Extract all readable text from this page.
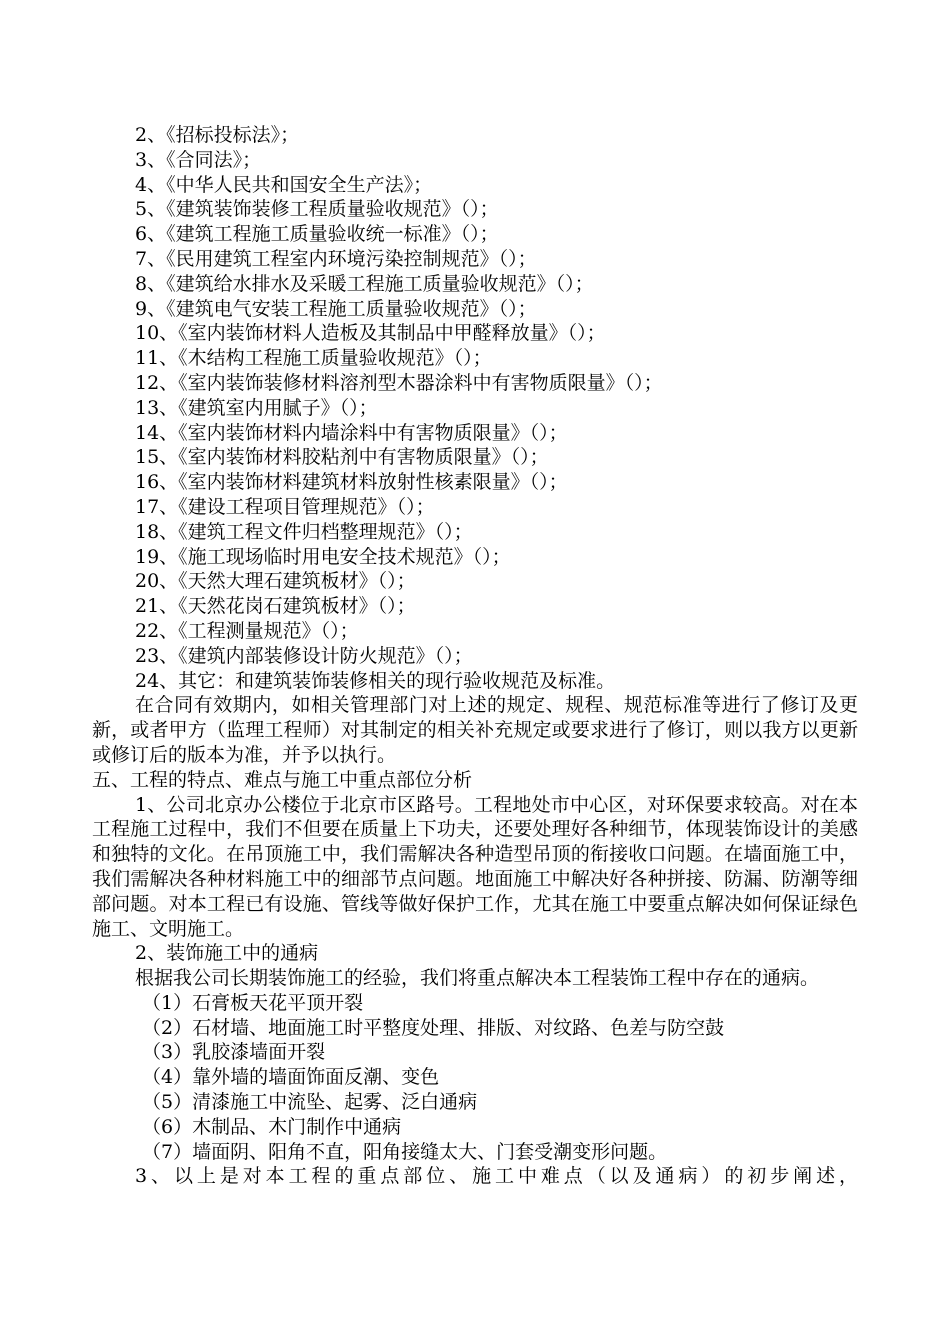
2、《招标投标法》；
3、《合同法》；
4、《中华人民共和国安全生产法》；
5、《建筑装饰装修工程质量验收规范》（）；
6、《建筑工程施工质量验收统一标准》（）；
7、《民用建筑工程室内环境污染控制规范》（）；
8、《建筑给水排水及采暖工程施工质量验收规范》（）；
9、《建筑电气安装工程施工质量验收规范》（）；
10、《室内装饰材料人造板及其制品中甲醛释放量》（）；
11、《木结构工程施工质量验收规范》（）；
12、《室内装饰装修材料溶剂型木器涂料中有害物质限量》（）；
13、《建筑室内用腻子》（）；
14、《室内装饰材料内墙涂料中有害物质限量》（）；
15、《室内装饰材料胶粘剂中有害物质限量》（）；
16、《室内装饰材料建筑材料放射性核素限量》（）；
17、《建设工程项目管理规范》（）；
18、《建筑工程文件归档整理规范》（）；
19、《施工现场临时用电安全技术规范》（）；
20、《天然大理石建筑板材》（）；
21、《天然花岗石建筑板材》（）；
22、《工程测量规范》（）；
23、《建筑内部装修设计防火规范》（）；
24、其它：和建筑装饰装修相关的现行验收规范及标准。

在合同有效期内，如相关管理部门对上述的规定、规程、规范标准等进行了修订及更新，或者甲方（监理工程师）对其制定的相关补充规定或要求进行了修订，则以我方以更新或修订后的版本为准，并予以执行。

五、工程的特点、难点与施工中重点部位分析

1、公司北京办公楼位于北京市区路号。工程地处市中心区，对环保要求较高。对在本工程施工过程中，我们不但要在质量上下功夫，还要处理好各种细节，体现装饰设计的美感和独特的文化。在吊顶施工中，我们需解决各种造型吊顶的衔接收口问题。在墙面施工中，我们需解决各种材料施工中的细部节点问题。地面施工中解决好各种拼接、防漏、防潮等细部问题。对本工程已有设施、管线等做好保护工作，尤其在施工中要重点解决如何保证绿色施工、文明施工。

2、装饰施工中的通病

根据我公司长期装饰施工的经验，我们将重点解决本工程装饰工程中存在的通病。

（1）石膏板天花平顶开裂
（2）石材墙、地面施工时平整度处理、排版、对纹路、色差与防空鼓
（3）乳胶漆墙面开裂
（4）靠外墙的墙面饰面反潮、变色
（5）清漆施工中流坠、起雾、泛白通病
（6）木制品、木门制作中通病
（7）墙面阴、阳角不直，阳角接缝太大、门套受潮变形问题。
3、以上是对本工程的重点部位、施工中难点（以及通病）的初步阐述，
